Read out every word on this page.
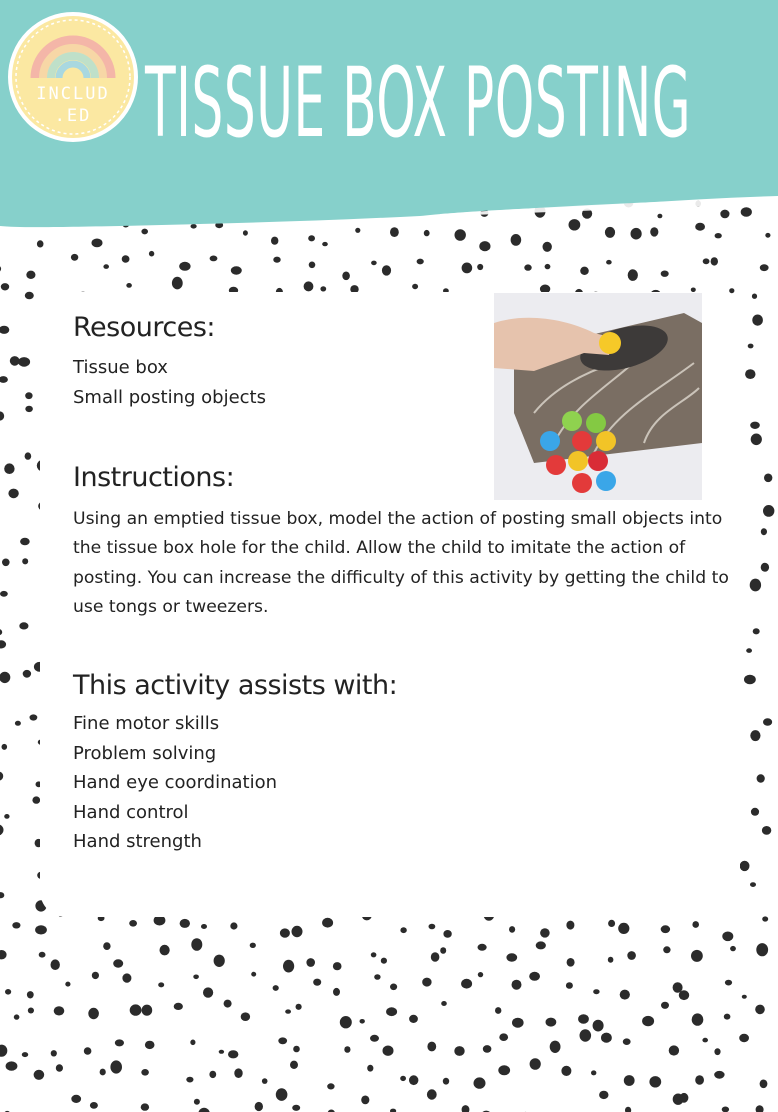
INCLUD
.ED TISSUE BOX POSTING
Resources:
Tissue box
Small posting objects
Instructions:

Using an emptied tissue box, model the action of posting small objects into the tissue box hole for the child. Allow the child to imitate the action of posting. You can increase the difficulty of this activity by getting the child to use tongs or tweezers.

This activity assists with:
Fine motor skills
Problem solving
Hand eye coordination
Hand control
Hand strength
